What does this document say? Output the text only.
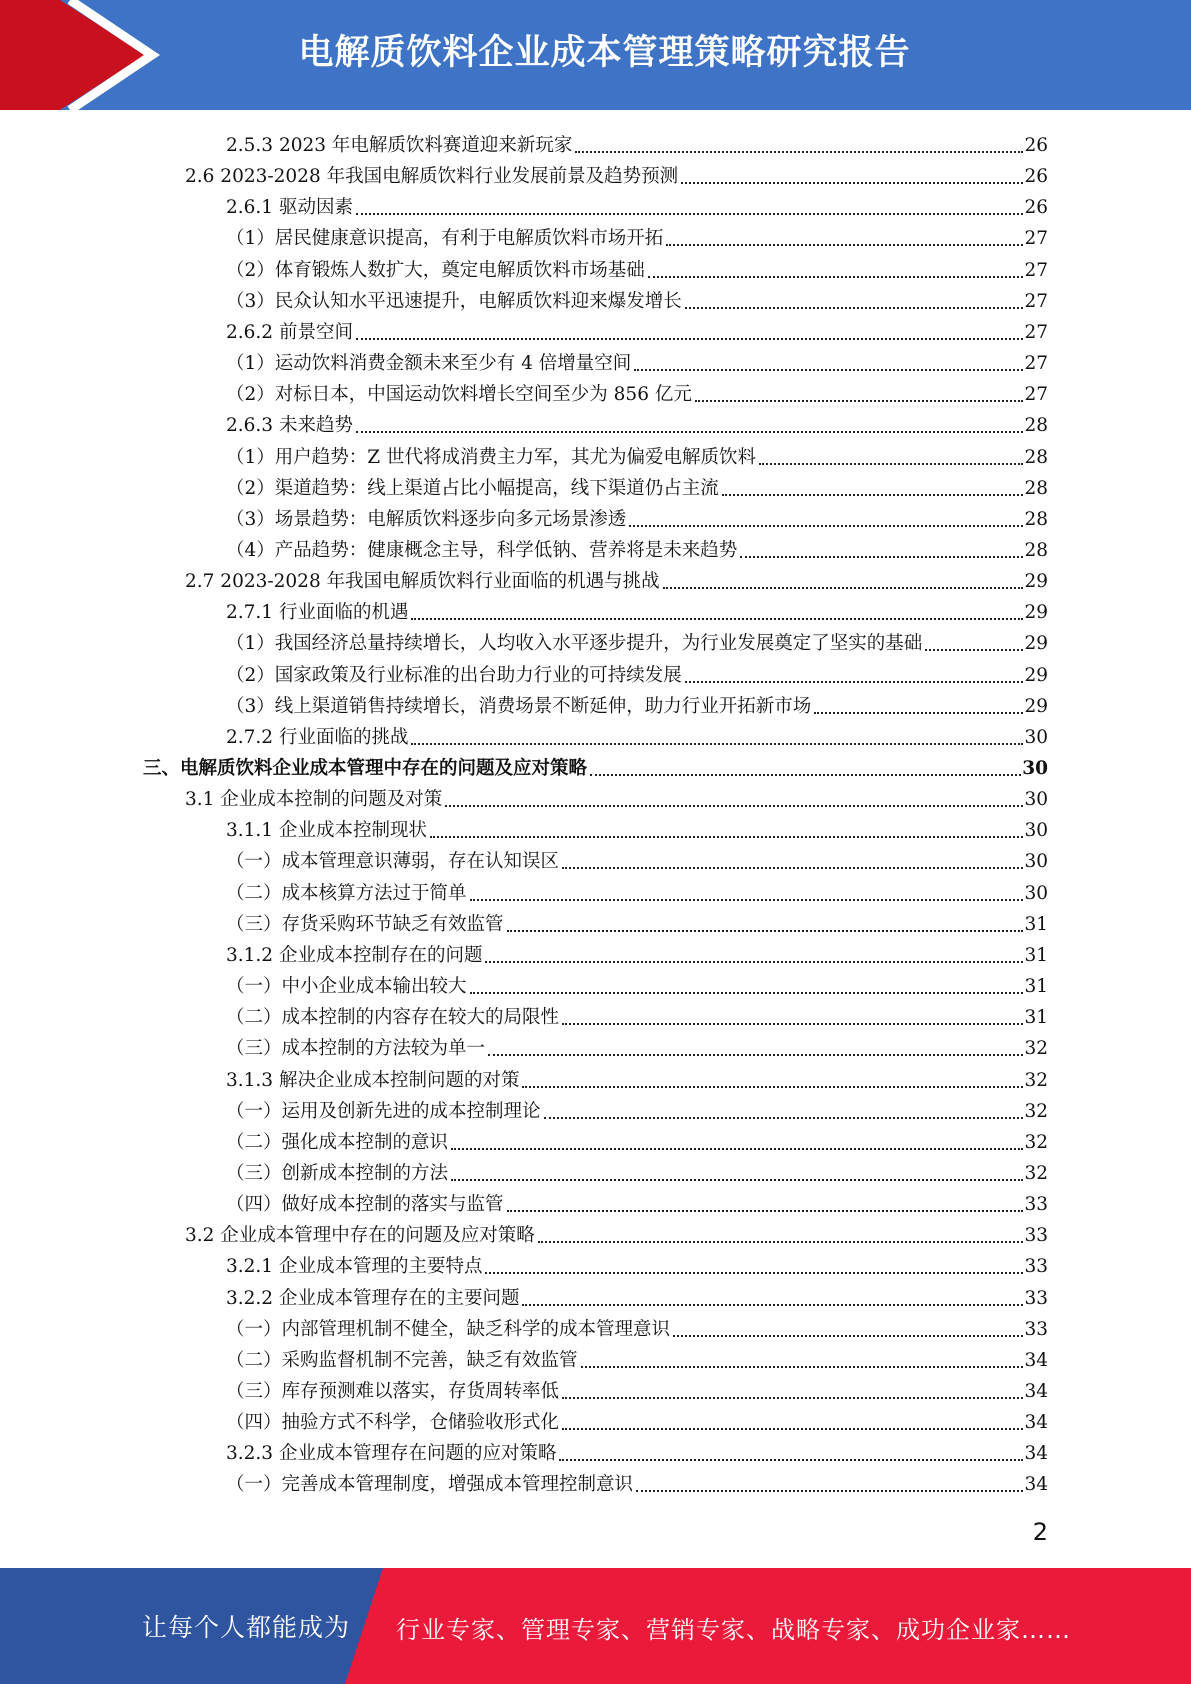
电解质饮料企业成本管理策略研究报告
2.5.3 2023 年电解质饮料赛道迎来新玩家	26
2.6 2023-2028 年我国电解质饮料行业发展前景及趋势预测	26
2.6.1 驱动因素	26
（1）居民健康意识提高，有利于电解质饮料市场开拓	27
（2）体育锻炼人数扩大，奠定电解质饮料市场基础	27
（3）民众认知水平迅速提升，电解质饮料迎来爆发增长	27
2.6.2 前景空间	27
（1）运动饮料消费金额未来至少有 4 倍增量空间	27
（2）对标日本，中国运动饮料增长空间至少为 856 亿元	27
2.6.3 未来趋势	28
（1）用户趋势：Z 世代将成消费主力军，其尤为偏爱电解质饮料	28
（2）渠道趋势：线上渠道占比小幅提高，线下渠道仍占主流	28
（3）场景趋势：电解质饮料逐步向多元场景渗透	28
（4）产品趋势：健康概念主导，科学低钠、营养将是未来趋势	28
2.7 2023-2028 年我国电解质饮料行业面临的机遇与挑战	29
2.7.1 行业面临的机遇	29
（1）我国经济总量持续增长，人均收入水平逐步提升，为行业发展奠定了坚实的基础	29
（2）国家政策及行业标准的出台助力行业的可持续发展	29
（3）线上渠道销售持续增长，消费场景不断延伸，助力行业开拓新市场	29
2.7.2 行业面临的挑战	30
三、电解质饮料企业成本管理中存在的问题及应对策略	30
3.1 企业成本控制的问题及对策	30
3.1.1 企业成本控制现状	30
（一）成本管理意识薄弱，存在认知误区	30
（二）成本核算方法过于简单	30
（三）存货采购环节缺乏有效监管	31
3.1.2 企业成本控制存在的问题	31
（一）中小企业成本输出较大	31
（二）成本控制的内容存在较大的局限性	31
（三）成本控制的方法较为单一	32
3.1.3 解决企业成本控制问题的对策	32
（一）运用及创新先进的成本控制理论	32
（二）强化成本控制的意识	32
（三）创新成本控制的方法	32
（四）做好成本控制的落实与监管	33
3.2 企业成本管理中存在的问题及应对策略	33
3.2.1 企业成本管理的主要特点	33
3.2.2 企业成本管理存在的主要问题	33
（一）内部管理机制不健全，缺乏科学的成本管理意识	33
（二）采购监督机制不完善，缺乏有效监管	34
（三）库存预测难以落实，存货周转率低	34
（四）抽验方式不科学，仓储验收形式化	34
3.2.3 企业成本管理存在问题的应对策略	34
（一）完善成本管理制度，增强成本管理控制意识	34
2
让每个人都能成为 行业专家、管理专家、营销专家、战略专家、成功企业家……
